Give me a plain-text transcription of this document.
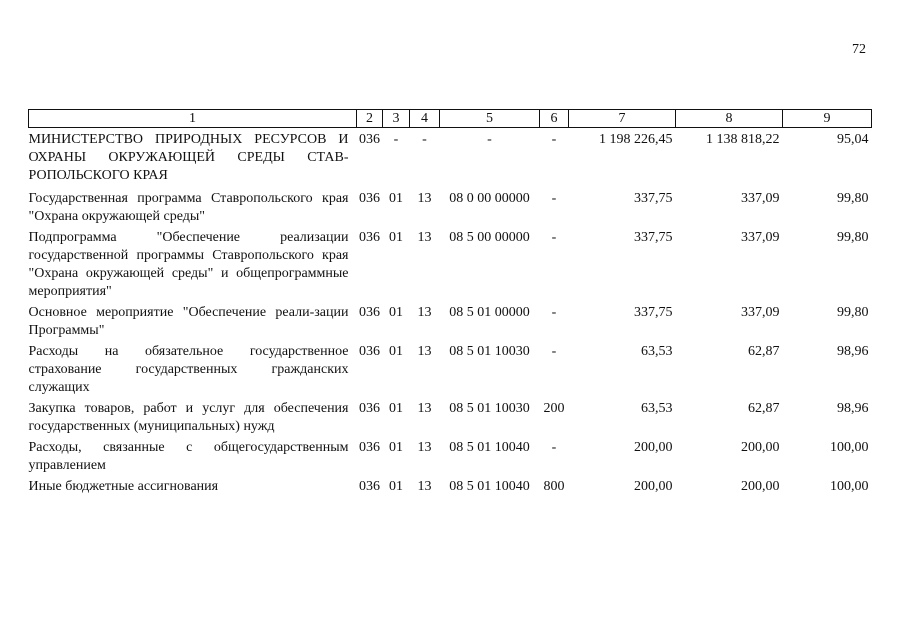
72
1	2	3	4	5	6	7	8	9
МИНИСТЕРСТВО ПРИРОДНЫХ РЕСУРСОВ И ОХРАНЫ ОКРУЖАЮЩЕЙ СРЕДЫ СТАВ-РОПОЛЬСКОГО КРАЯ	036	-	-	-	-	1 198 226,45	1 138 818,22	95,04
Государственная программа Ставропольского края "Охрана окружающей среды"	036	01	13	08 0 00 00000	-	337,75	337,09	99,80
Подпрограмма "Обеспечение реализации государственной программы Ставропольского края "Охрана окружающей среды" и общепрограммные мероприятия"	036	01	13	08 5 00 00000	-	337,75	337,09	99,80
Основное мероприятие "Обеспечение реали-зации Программы"	036	01	13	08 5 01 00000	-	337,75	337,09	99,80
Расходы на обязательное государственное страхование государственных гражданских служащих	036	01	13	08 5 01 10030	-	63,53	62,87	98,96
Закупка товаров, работ и услуг для обеспечения государственных (муниципальных) нужд	036	01	13	08 5 01 10030	200	63,53	62,87	98,96
Расходы, связанные с общегосударственным управлением	036	01	13	08 5 01 10040	-	200,00	200,00	100,00
Иные бюджетные ассигнования	036	01	13	08 5 01 10040	800	200,00	200,00	100,00
